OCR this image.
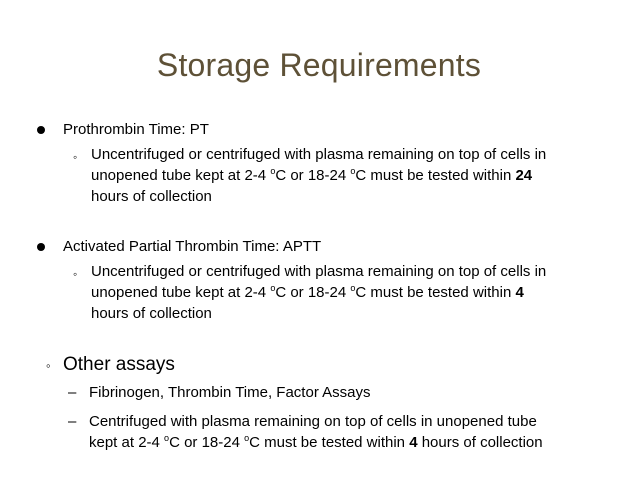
Storage Requirements
Prothrombin Time: PT
◦ Uncentrifuged or centrifuged with plasma remaining on top of cells in
unopened tube kept at 2-4 $^o$C or 18-24 $^o$C must be tested within 24
hours of collection
Activated Partial Thrombin Time: APTT
◦ Uncentrifuged or centrifuged with plasma remaining on top of cells in
unopened tube kept at 2-4 $^o$C or 18-24 $^o$C must be tested within 4
hours of collection
◦ Other assays
– Fibrinogen, Thrombin Time, Factor Assays
– Centrifuged with plasma remaining on top of cells in unopened tube
kept at 2-4 $^o$C or 18-24 $^o$C must be tested within 4 hours of collection
